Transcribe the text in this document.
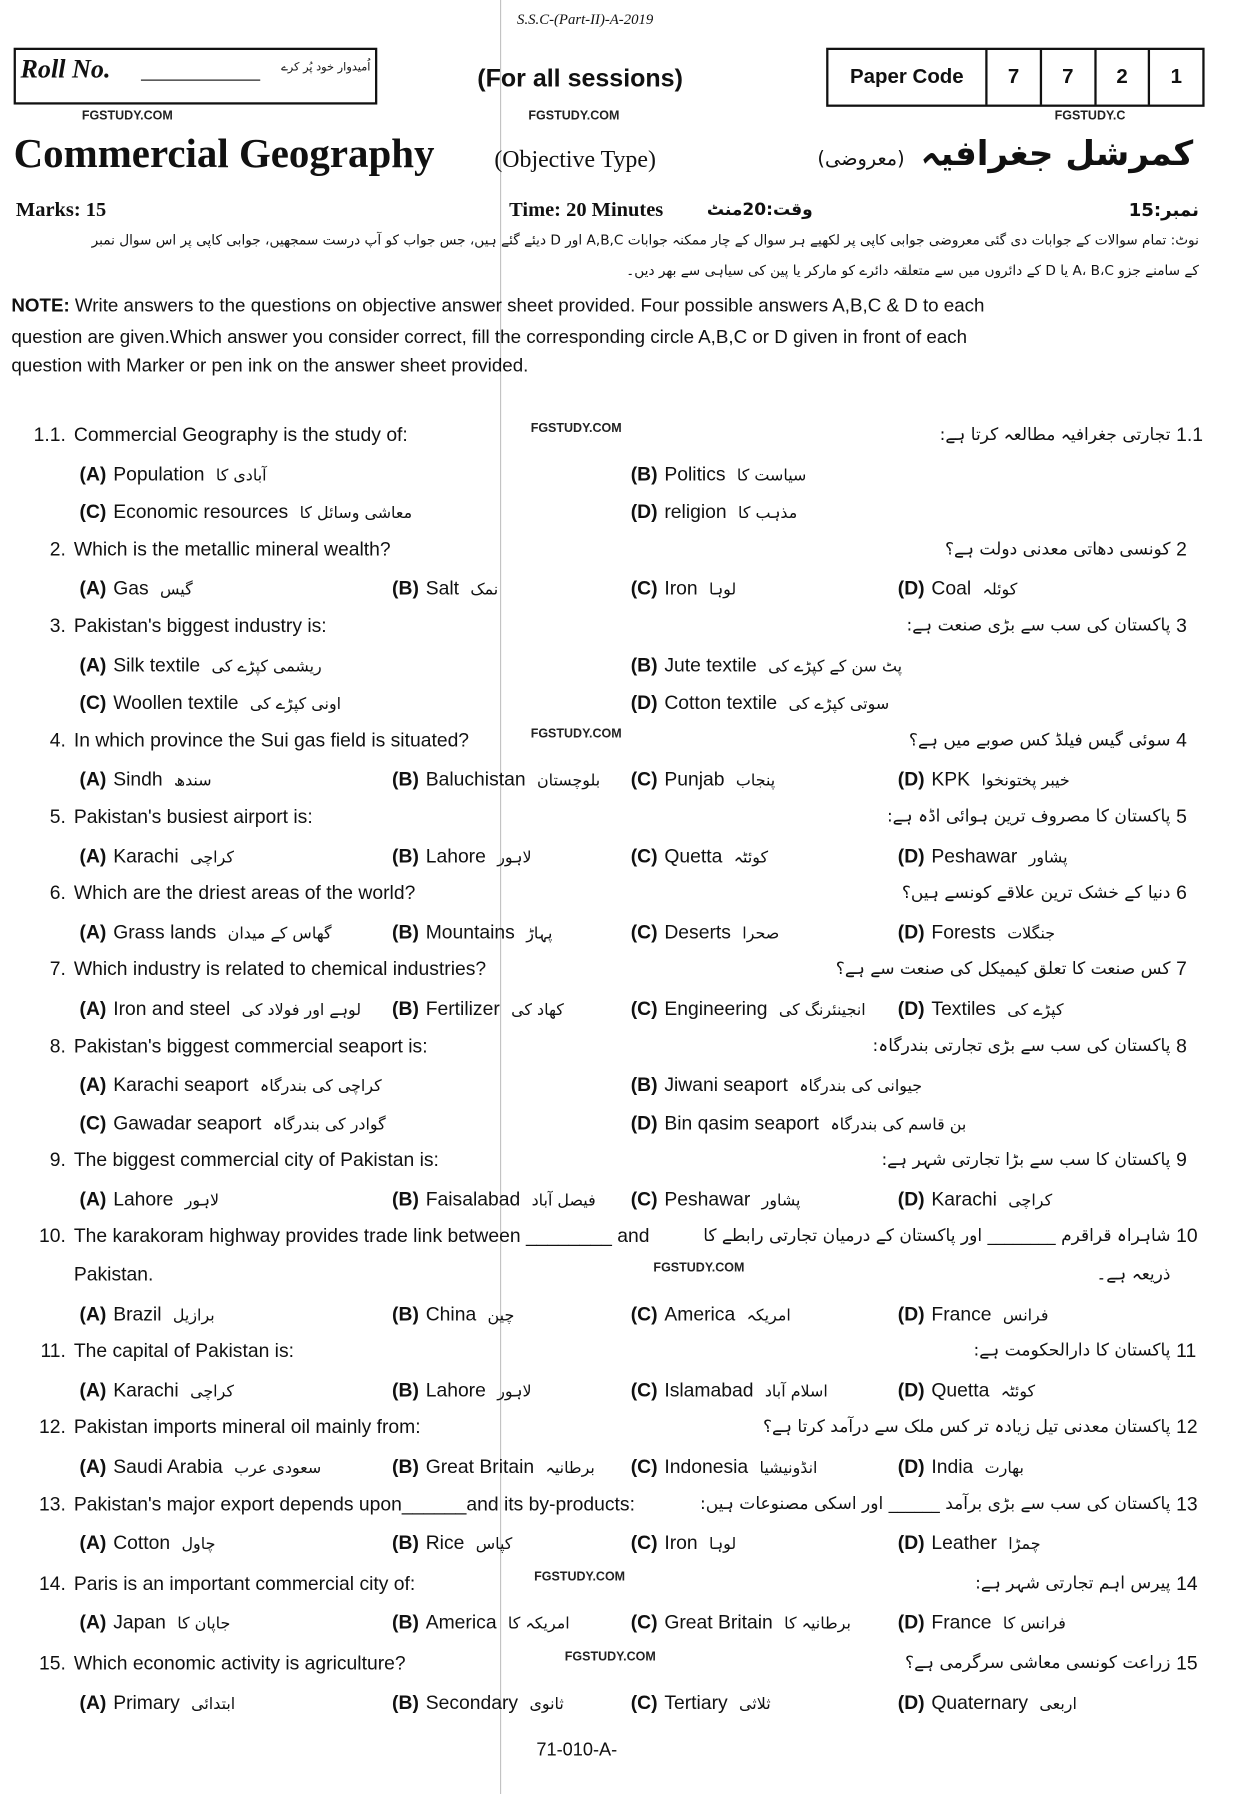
S.S.C-(Part-II)-A-2019
Roll No.	اُمیدوار خود پُر کرے	(For all sessions)	Paper Code	7	7	2	1
FGSTUDY.COM	FGSTUDY.COM	FGSTUDY.C
Commercial Geography	(Objective Type)	کمرشل جغرافیہ
(معروضی)
Marks: 15	Time: 20 Minutes	وقت:20منٹ	نمبر:15
نوٹ: تمام سوالات کے جوابات دی گئی معروضی جوابی کاپی پر لکھیے ہر سوال کے چار ممکنہ جوابات A,B,C اور D دیئے گئے ہیں، جس جواب کو آپ درست سمجھیں، جوابی کاپی پر اس سوال نمبر
کے سامنے جزو A، B،C یا D کے دائروں میں سے متعلقہ دائرے کو مارکر یا پین کی سیاہی سے بھر دیں۔
NOTE: Write answers to the questions on objective answer sheet provided. Four possible answers A,B,C & D to each
question are given.Which answer you consider correct, fill the corresponding circle A,B,C or D given in front of each
question with Marker or pen ink on the answer sheet provided.
1.1. Commercial Geography is the study of:	تجارتی جغرافیہ مطالعہ کرتا ہے: 1.1
FGSTUDY.COM
(A) Population آبادی کا	(B) Politics سیاست کا
(C) Economic resources معاشی وسائل کا	(D) religion مذہب کا
2. Which is the metallic mineral wealth?	کونسی دھاتی معدنی دولت ہے؟ 2
(A) Gas گیس	(B) Salt نمک	(C) Iron لوہا	(D) Coal کوئلہ
3. Pakistan's biggest industry is:	پاکستان کی سب سے بڑی صنعت ہے: 3
(A) Silk textile ریشمی کپڑے کی	(B) Jute textile پٹ سن کے کپڑے کی
(C) Woollen textile اونی کپڑے کی	(D) Cotton textile سوتی کپڑے کی
4. In which province the Sui gas field is situated?	سوئی گیس فیلڈ کس صوبے میں ہے؟ 4
FGSTUDY.COM
(A) Sindh سندھ	(B) Baluchistan بلوچستان (C) Punjab پنجاب	(D) KPK خیبر پختونخوا
5. Pakistan's busiest airport is:	پاکستان کا مصروف ترین ہوائی اڈہ ہے: 5
(A) Karachi کراچی	(B) Lahore لاہور	(C) Quetta کوئٹہ	(D) Peshawar پشاور
6. Which are the driest areas of the world?	دنیا کے خشک ترین علاقے کونسے ہیں؟ 6
(A) Grass lands گھاس کے میدان	(B) Mountains پہاڑ	(C) Deserts صحرا	(D) Forests جنگلات
7. Which industry is related to chemical industries?	کس صنعت کا تعلق کیمیکل کی صنعت سے ہے؟ 7
(A) Iron and steel لوہے اور فولاد کی (B) Fertilizer کھاد کی	(C) Engineering انجینئرنگ کی (D) Textiles کپڑے کی
8. Pakistan's biggest commercial seaport is:	پاکستان کی سب سے بڑی تجارتی بندرگاہ: 8
(A) Karachi seaport کراچی کی بندرگاہ	(B) Jiwani seaport جیوانی کی بندرگاہ
(C) Gawadar seaport گوادر کی بندرگاہ	(D) Bin qasim seaport بن قاسم کی بندرگاہ
9. The biggest commercial city of Pakistan is:	پاکستان کا سب سے بڑا تجارتی شہر ہے: 9
(A) Lahore لاہور	(B) Faisalabad فیصل آباد (C) Peshawar پشاور	(D) Karachi کراچی
10. The karakoram highway provides trade link between ________ and	شاہراہ قراقرم ________ اور پاکستان کے درمیان تجارتی رابطے کا 10
Pakistan.	ذریعہ ہے۔
FGSTUDY.COM
(A) Brazil برازیل	(B) China چین	(C) America امریکہ	(D) France فرانس
11. The capital of Pakistan is:	پاکستان کا دارالحکومت ہے: 11
(A) Karachi کراچی	(B) Lahore لاہور	(C) Islamabad اسلام آباد	(D) Quetta کوئٹہ
12. Pakistan imports mineral oil mainly from:	پاکستان معدنی تیل زیادہ تر کس ملک سے درآمد کرتا ہے؟ 12
(A) Saudi Arabia سعودی عرب	(B) Great Britain برطانیہ (C) Indonesia انڈونیشیا	(D) India بھارت
13. Pakistan's major export depends upon______and its by-products:	پاکستان کی سب سے بڑی برآمد ______ اور اسکی مصنوعات ہیں: 13
(A) Cotton چاول	(B) Rice کپاس	(C) Iron لوہا	(D) Leather چمڑا
14. Paris is an important commercial city of:	پیرس اہم تجارتی شہر ہے: 14
FGSTUDY.COM
(A) Japan جاپان کا	(B) America امریکہ کا	(C) Great Britain برطانیہ کا	(D) France فرانس کا
15. Which economic activity is agriculture?	زراعت کونسی معاشی سرگرمی ہے؟ 15
FGSTUDY.COM
(A) Primary ابتدائی	(B) Secondary ثانوی	(C) Tertiary ثلاثی	(D) Quaternary اربعی
71-010-A-
